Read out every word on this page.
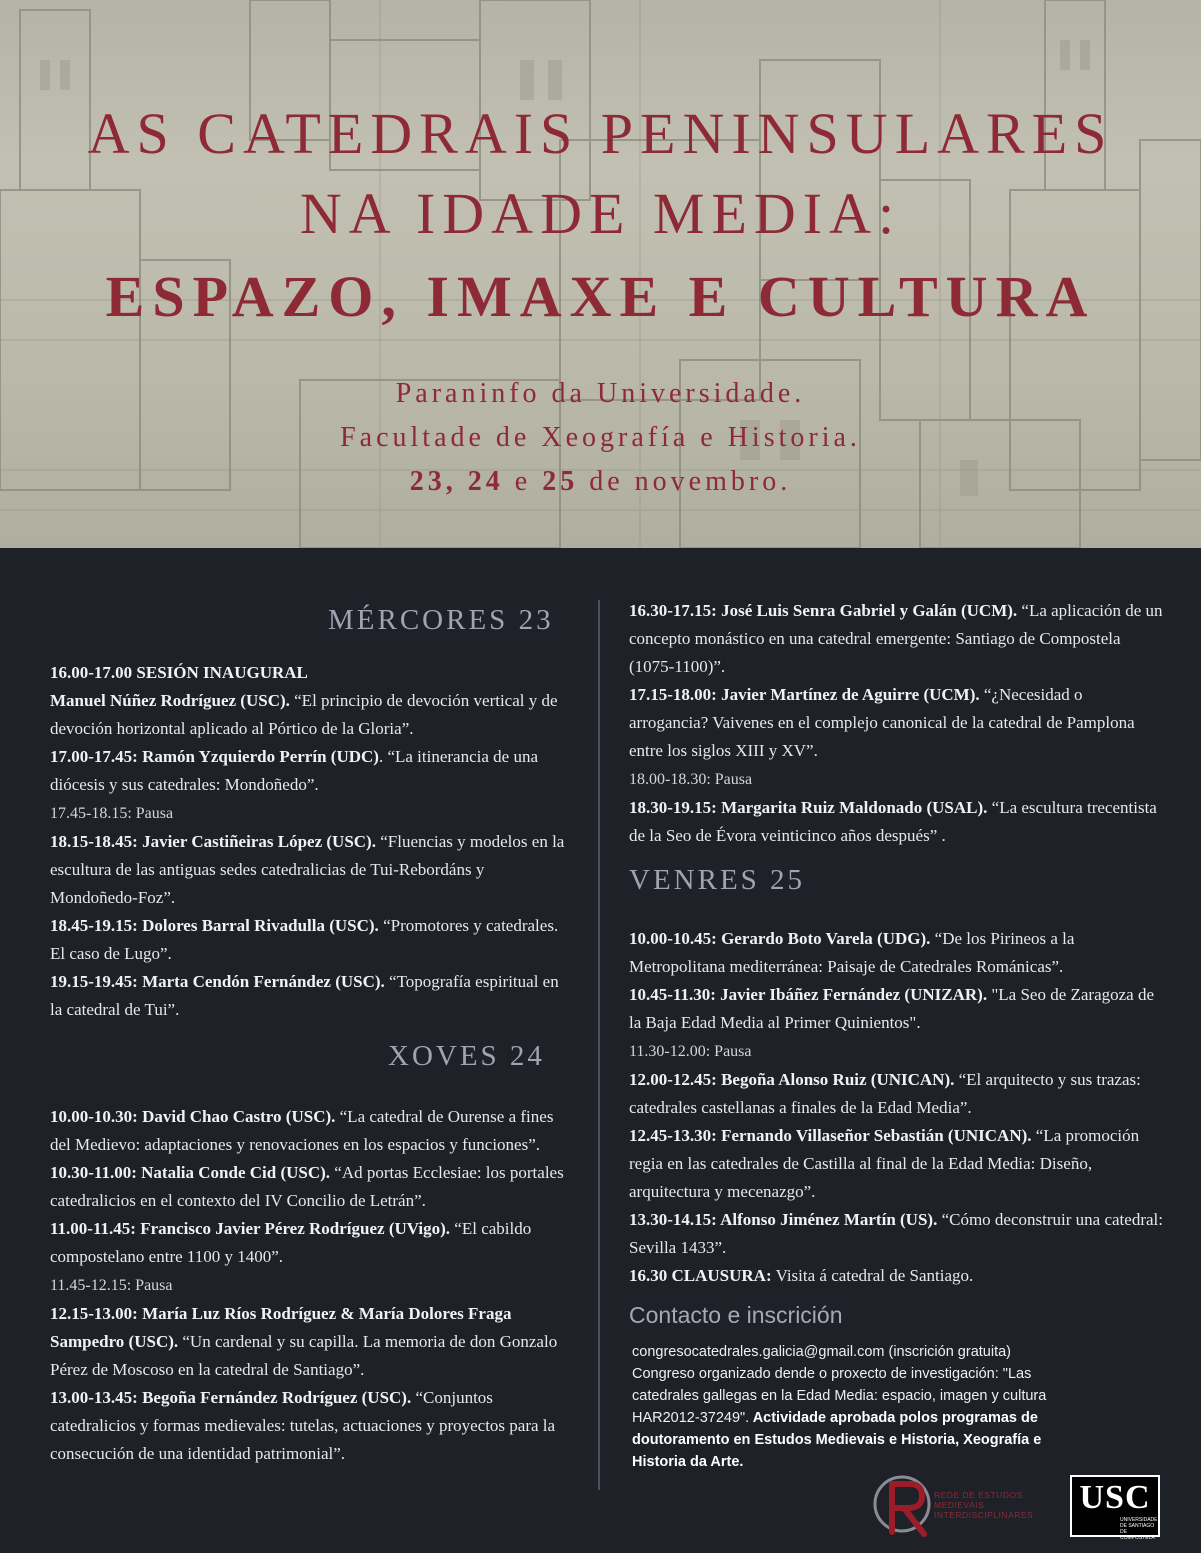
AS CATEDRAIS PENINSULARES
NA IDADE MEDIA:
ESPAZO, IMAXE E CULTURA
Paraninfo da Universidade.
Facultade de Xeografía e Historia.
23, 24 e 25 de novembro.
MÉRCORES 23
16.00-17.00 SESIÓN INAUGURAL
Manuel Núñez Rodríguez (USC). “El principio de devoción vertical y de devoción horizontal aplicado al Pórtico de la Gloria”.
17.00-17.45: Ramón Yzquierdo Perrín (UDC). “La itinerancia de una diócesis y sus catedrales: Mondoñedo”.
17.45-18.15: Pausa
18.15-18.45: Javier Castiñeiras López (USC). “Fluencias y modelos en la escultura de las antiguas sedes catedralicias de Tui-Rebordáns y Mondoñedo-Foz”.
18.45-19.15: Dolores Barral Rivadulla (USC). “Promotores y catedrales. El caso de Lugo”.
19.15-19.45: Marta Cendón Fernández (USC). “Topografía espiritual en la catedral de Tui”.
XOVES 24
10.00-10.30: David Chao Castro (USC). “La catedral de Ourense a fines del Medievo: adaptaciones y renovaciones en los espacios y funciones”.
10.30-11.00: Natalia Conde Cid (USC). “Ad portas Ecclesiae: los portales catedralicios en el contexto del IV Concilio de Letrán”.
11.00-11.45: Francisco Javier Pérez Rodríguez (UVigo). “El cabildo compostelano entre 1100 y 1400”.
11.45-12.15: Pausa
12.15-13.00: María Luz Ríos Rodríguez & María Dolores Fraga Sampedro (USC). “Un cardenal y su capilla. La memoria de don Gonzalo Pérez de Moscoso en la catedral de Santiago”.
13.00-13.45: Begoña Fernández Rodríguez (USC). “Conjuntos catedralicios y formas medievales: tutelas, actuaciones y proyectos para la consecución de una identidad patrimonial”.
16.30-17.15: José Luis Senra Gabriel y Galán (UCM). “La aplicación de un concepto monástico en una catedral emergente: Santiago de Compostela (1075-1100)”.
17.15-18.00: Javier Martínez de Aguirre (UCM). “¿Necesidad o arrogancia? Vaivenes en el complejo canonical de la catedral de Pamplona entre los siglos XIII y XV”.
18.00-18.30: Pausa
18.30-19.15: Margarita Ruiz Maldonado (USAL). “La escultura trecentista de la Seo de Évora veinticinco años después” .
VENRES 25
10.00-10.45: Gerardo Boto Varela (UDG). “De los Pirineos a la Metropolitana mediterránea: Paisaje de Catedrales Románicas”.
10.45-11.30: Javier Ibáñez Fernández (UNIZAR). "La Seo de Zaragoza de la Baja Edad Media al Primer Quinientos".
11.30-12.00: Pausa
12.00-12.45: Begoña Alonso Ruiz (UNICAN). “El arquitecto y sus trazas: catedrales castellanas a finales de la Edad Media”.
12.45-13.30: Fernando Villaseñor Sebastián (UNICAN). “La promoción regia en las catedrales de Castilla al final de la Edad Media: Diseño, arquitectura y mecenazgo”.
13.30-14.15: Alfonso Jiménez Martín (US). “Cómo deconstruir una catedral: Sevilla 1433”.
16.30 CLAUSURA: Visita á catedral de Santiago.
Contacto e inscrición
congresocatedrales.galicia@gmail.com (inscrición gratuita)
Congreso organizado dende o proxecto de investigación: "Las catedrales gallegas en la Edad Media: espacio, imagen y cultura HAR2012-37249". Actividade aprobada polos programas de doutoramento en Estudos Medievais e Historia, Xeografía e Historia da Arte.
REDE DE ESTUDOS
MEDIEVAIS
INTERDISCIPLINARES USC
UNIVERSIDADE
DE SANTIAGO
DE COMPOSTELA
